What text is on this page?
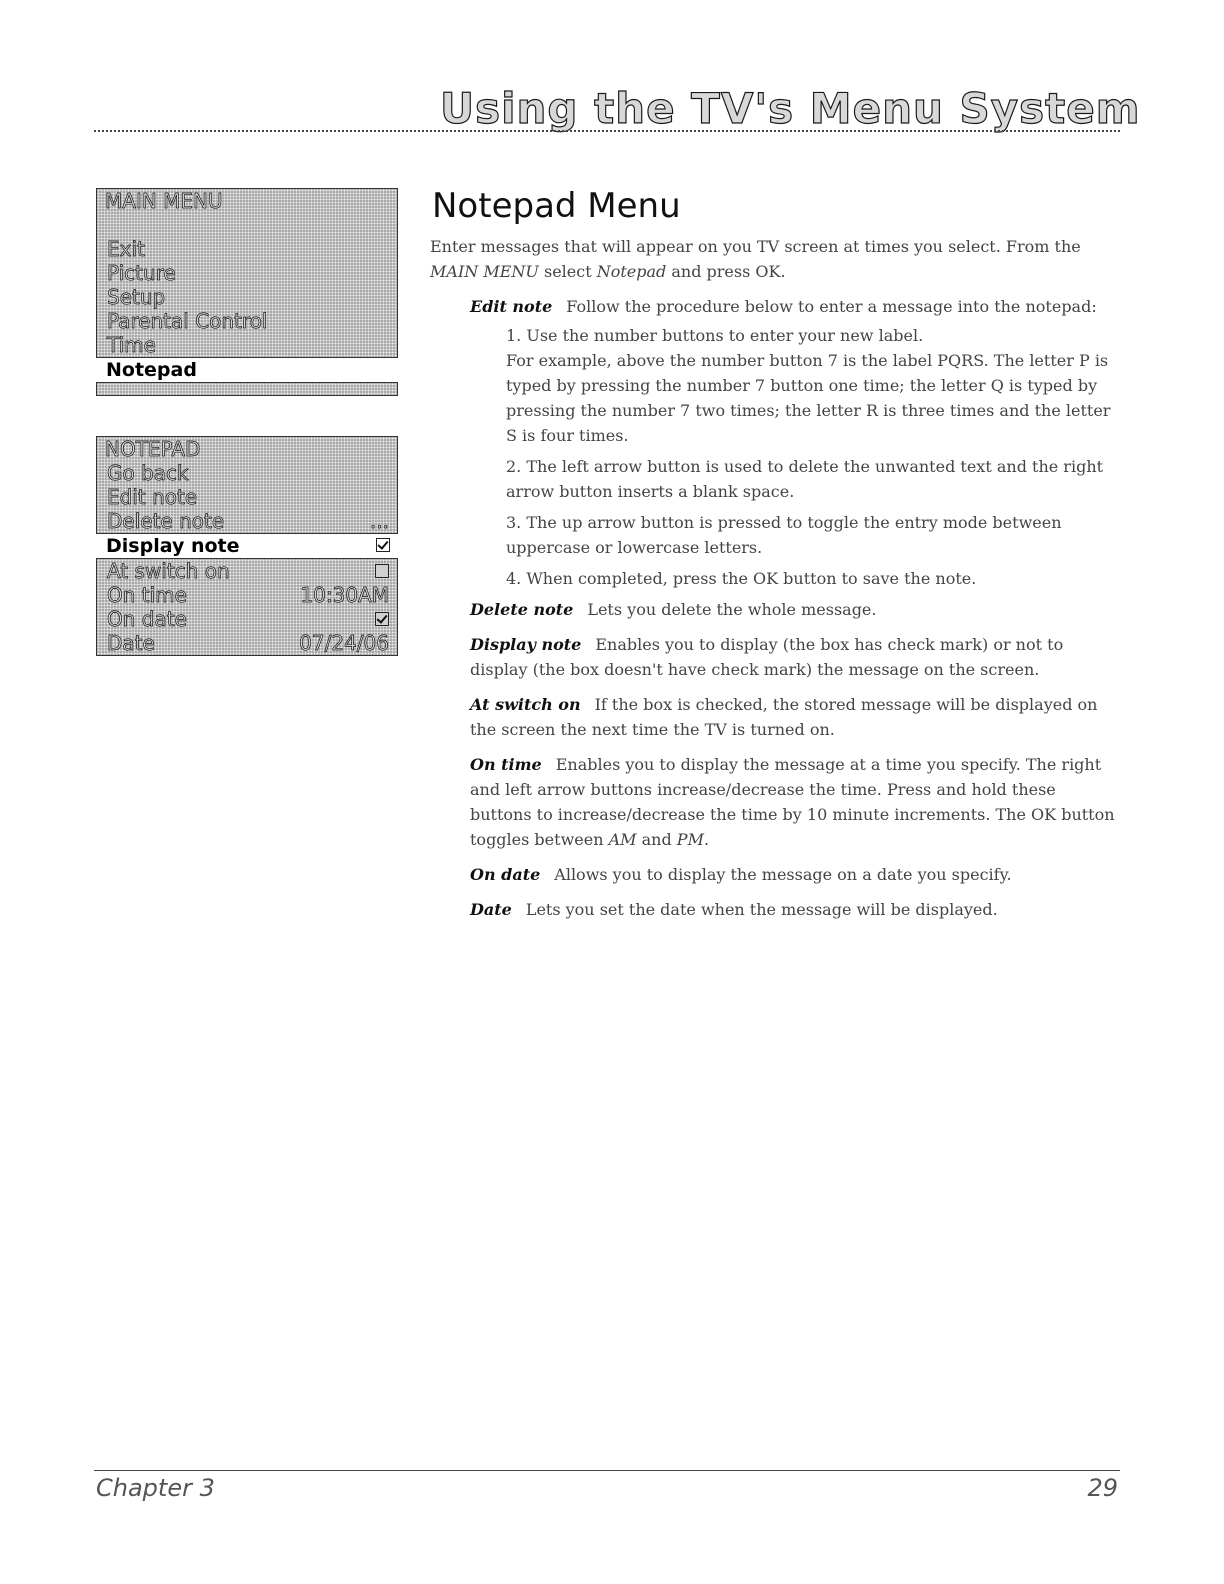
Using the TV's Menu System
MAIN MENU
Exit
Picture
Setup
Parental Control
Time
Notepad
NOTEPAD
Go back
Edit note
Delete note	...
Display note
At switch on
On time	10:30AM
On date
Date	07/24/06
Notepad Menu

Enter messages that will appear on you TV screen at times you select. From the
MAIN MENU select Notepad and press OK.

Edit note Follow the procedure below to enter a message into the notepad:
1. Use the number buttons to enter your new label.
For example, above the number button 7 is the label PQRS. The letter P is typed by pressing the number 7 button one time; the letter Q is typed by pressing the number 7 two times; the letter R is three times and the letter S is four times.
2. The left arrow button is used to delete the unwanted text and the right arrow button inserts a blank space.
3. The up arrow button is pressed to toggle the entry mode between uppercase or lowercase letters.
4. When completed, press the OK button to save the note.
Delete note Lets you delete the whole message.
Display note Enables you to display (the box has check mark) or not to display (the box doesn't have check mark) the message on the screen.
At switch on If the box is checked, the stored message will be displayed on the screen the next time the TV is turned on.
On time Enables you to display the message at a time you specify. The right and left arrow buttons increase/decrease the time. Press and hold these buttons to increase/decrease the time by 10 minute increments. The OK button toggles between AM and PM.
On date Allows you to display the message on a date you specify.
Date Lets you set the date when the message will be displayed.
Chapter 3	29
